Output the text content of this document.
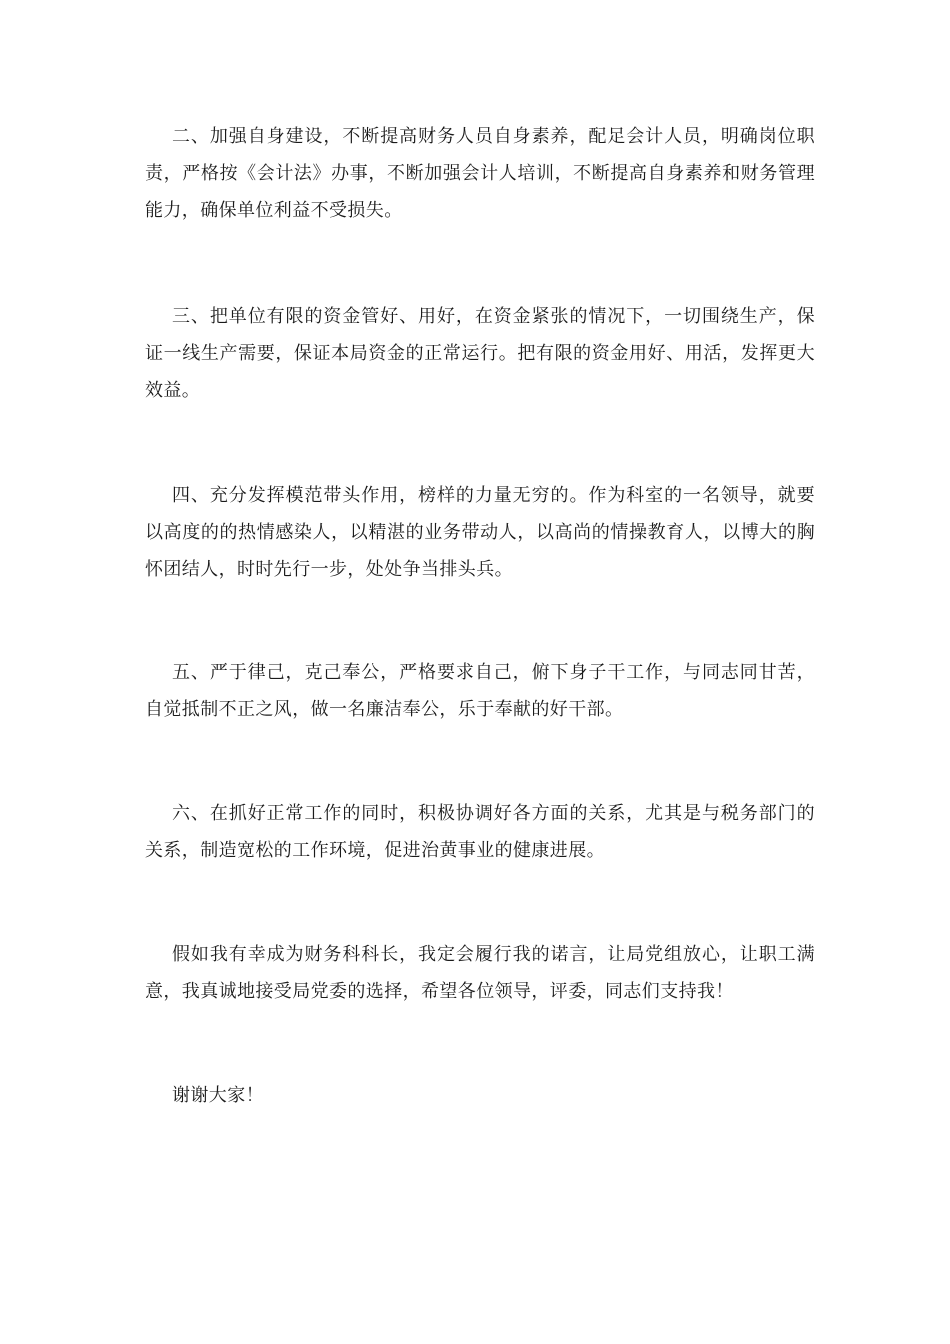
二、加强自身建设，不断提高财务人员自身素养，配足会计人员，明确岗位职责，严格按《会计法》办事，不断加强会计人培训，不断提高自身素养和财务管理能力，确保单位利益不受损失。

三、把单位有限的资金管好、用好，在资金紧张的情况下，一切围绕生产，保证一线生产需要，保证本局资金的正常运行。把有限的资金用好、用活，发挥更大效益。

四、充分发挥模范带头作用，榜样的力量无穷的。作为科室的一名领导，就要以高度的的热情感染人，以精湛的业务带动人，以高尚的情操教育人，以博大的胸怀团结人，时时先行一步，处处争当排头兵。

五、严于律己，克己奉公，严格要求自己，俯下身子干工作，与同志同甘苦，自觉抵制不正之风，做一名廉洁奉公，乐于奉献的好干部。

六、在抓好正常工作的同时，积极协调好各方面的关系，尤其是与税务部门的关系，制造宽松的工作环境，促进治黄事业的健康进展。

假如我有幸成为财务科科长，我定会履行我的诺言，让局党组放心，让职工满意，我真诚地接受局党委的选择，希望各位领导，评委，同志们支持我！

谢谢大家！
